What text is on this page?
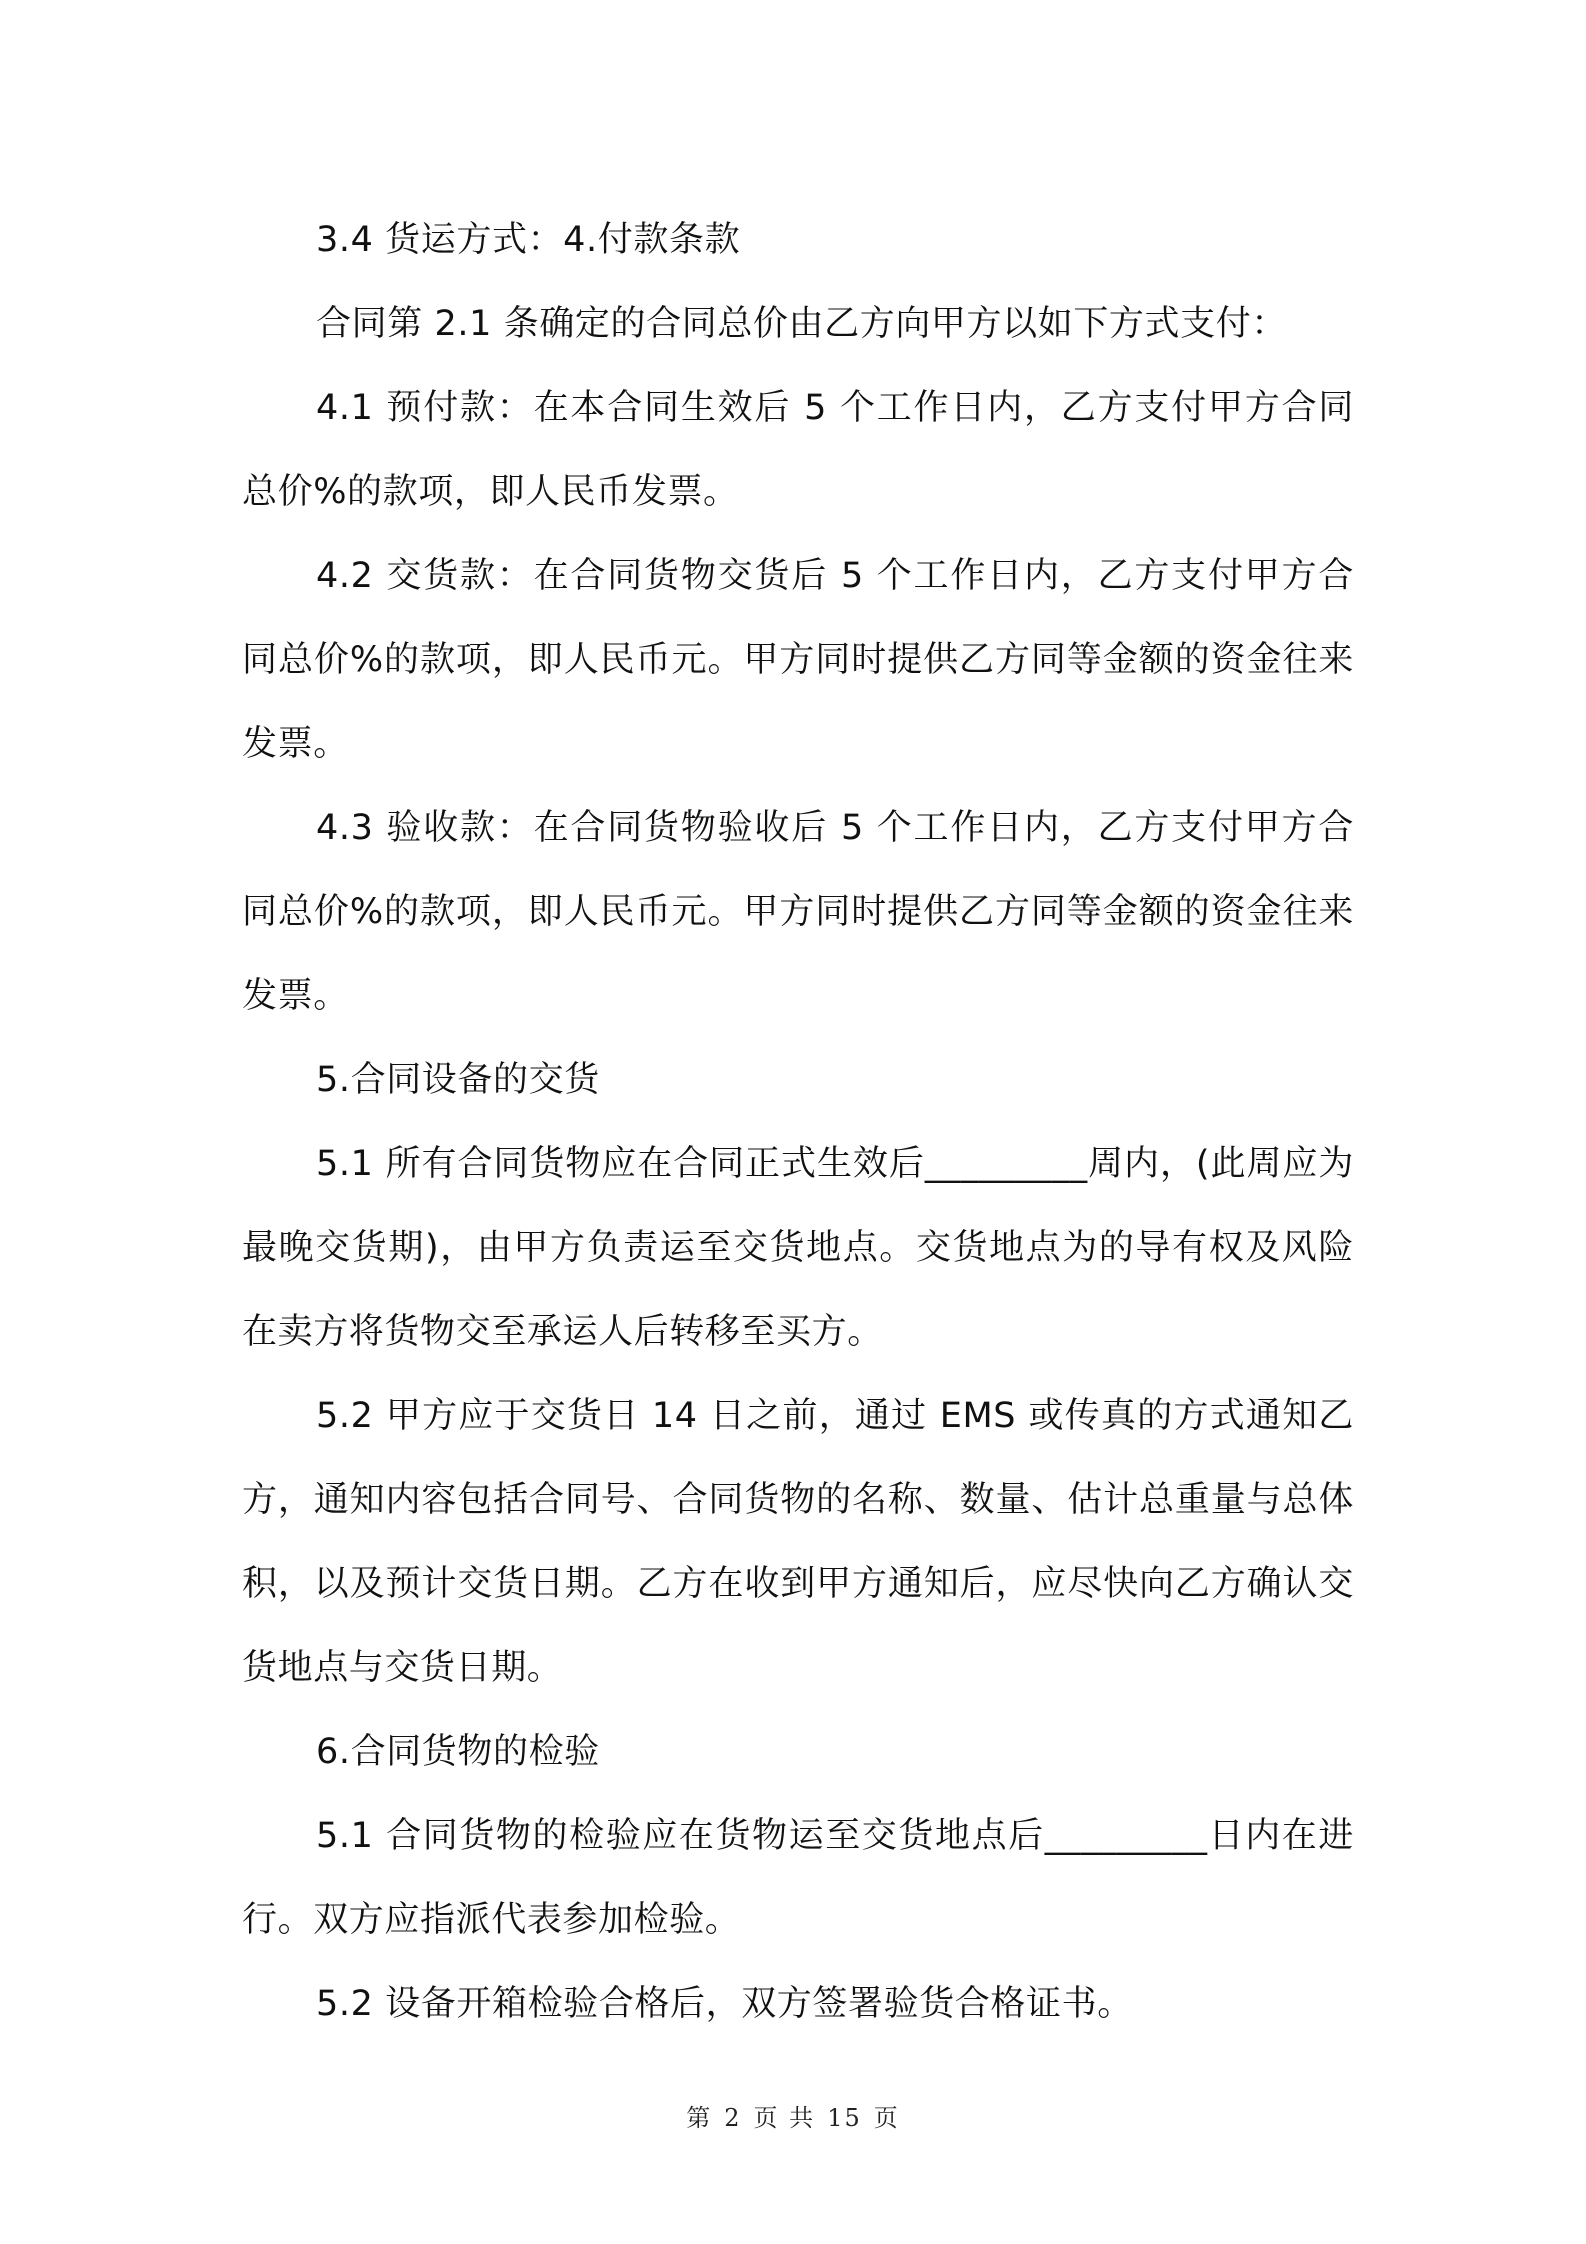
3.4 货运方式：4.付款条款

合同第 2.1 条确定的合同总价由乙方向甲方以如下方式支付：

4.1 预付款：在本合同生效后 5 个工作日内，乙方支付甲方合同总价%的款项，即人民币发票。

4.2 交货款：在合同货物交货后 5 个工作日内，乙方支付甲方合同总价%的款项，即人民币元。甲方同时提供乙方同等金额的资金往来发票。

4.3 验收款：在合同货物验收后 5 个工作日内，乙方支付甲方合同总价%的款项，即人民币元。甲方同时提供乙方同等金额的资金往来发票。

5.合同设备的交货

5.1 所有合同货物应在合同正式生效后_________周内，(此周应为最晚交货期)，由甲方负责运至交货地点。交货地点为的导有权及风险在卖方将货物交至承运人后转移至买方。

5.2 甲方应于交货日 14 日之前，通过 EMS 或传真的方式通知乙方，通知内容包括合同号、合同货物的名称、数量、估计总重量与总体积，以及预计交货日期。乙方在收到甲方通知后，应尽快向乙方确认交货地点与交货日期。

6.合同货物的检验

5.1 合同货物的检验应在货物运至交货地点后_________日内在进行。双方应指派代表参加检验。

5.2 设备开箱检验合格后，双方签署验货合格证书。

第 2 页 共 15 页
